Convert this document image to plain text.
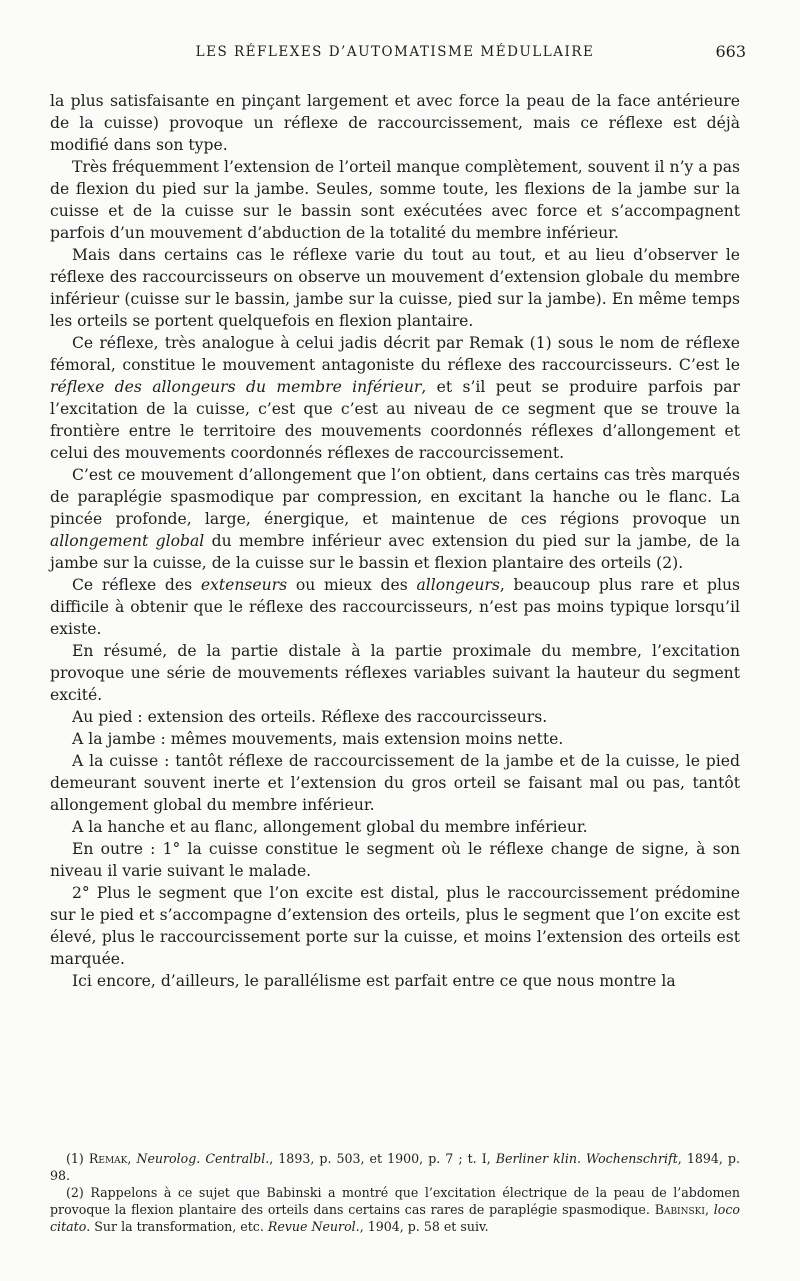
LES RÉFLEXES D’AUTOMATISME MÉDULLAIRE	663

la plus satisfaisante en pinçant largement et avec force la peau de la face antérieure de la cuisse) provoque un réflexe de raccourcissement, mais ce réflexe est déjà modifié dans son type.

Très fréquemment l’extension de l’orteil manque complètement, souvent il n’y a pas de flexion du pied sur la jambe. Seules, somme toute, les flexions de la jambe sur la cuisse et de la cuisse sur le bassin sont exécutées avec force et s’accompagnent parfois d’un mouvement d’abduction de la totalité du membre inférieur.

Mais dans certains cas le réflexe varie du tout au tout, et au lieu d’observer le réflexe des raccourcisseurs on observe un mouvement d’extension globale du membre inférieur (cuisse sur le bassin, jambe sur la cuisse, pied sur la jambe). En même temps les orteils se portent quelquefois en flexion plantaire.

Ce réflexe, très analogue à celui jadis décrit par Remak (1) sous le nom de réflexe fémoral, constitue le mouvement antagoniste du réflexe des raccourcisseurs. C’est le réflexe des allongeurs du membre inférieur, et s’il peut se produire parfois par l’excitation de la cuisse, c’est que c’est au niveau de ce segment que se trouve la frontière entre le territoire des mouvements coordonnés réflexes d’allongement et celui des mouvements coordonnés réflexes de raccourcissement.

C’est ce mouvement d’allongement que l’on obtient, dans certains cas très marqués de paraplégie spasmodique par compression, en excitant la hanche ou le flanc. La pincée profonde, large, énergique, et maintenue de ces régions provoque un allongement global du membre inférieur avec extension du pied sur la jambe, de la jambe sur la cuisse, de la cuisse sur le bassin et flexion plantaire des orteils (2).

Ce réflexe des extenseurs ou mieux des allongeurs, beaucoup plus rare et plus difficile à obtenir que le réflexe des raccourcisseurs, n’est pas moins typique lorsqu’il existe.

En résumé, de la partie distale à la partie proximale du membre, l’excitation provoque une série de mouvements réflexes variables suivant la hauteur du segment excité.

Au pied : extension des orteils. Réflexe des raccourcisseurs.

A la jambe : mêmes mouvements, mais extension moins nette.

A la cuisse : tantôt réflexe de raccourcissement de la jambe et de la cuisse, le pied demeurant souvent inerte et l’extension du gros orteil se faisant mal ou pas, tantôt allongement global du membre inférieur.

A la hanche et au flanc, allongement global du membre inférieur.

En outre : 1° la cuisse constitue le segment où le réflexe change de signe, à son niveau il varie suivant le malade.

2° Plus le segment que l’on excite est distal, plus le raccourcissement prédomine sur le pied et s’accompagne d’extension des orteils, plus le segment que l’on excite est élevé, plus le raccourcissement porte sur la cuisse, et moins l’extension des orteils est marquée.

Ici encore, d’ailleurs, le parallélisme est parfait entre ce que nous montre la

(1) Remak, Neurolog. Centralbl., 1893, p. 503, et 1900, p. 7 ; t. I, Berliner klin. Wochenschrift, 1894, p. 98.

(2) Rappelons à ce sujet que Babinski a montré que l’excitation électrique de la peau de l’abdomen provoque la flexion plantaire des orteils dans certains cas rares de paraplégie spasmodique. Babinski, loco citato. Sur la transformation, etc. Revue Neurol., 1904, p. 58 et suiv.
